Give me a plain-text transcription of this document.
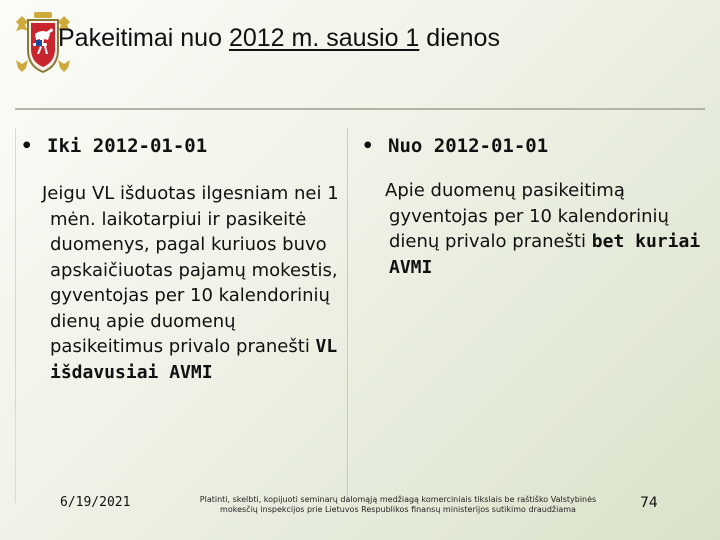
Pakeitimai nuo 2012 m. sausio 1 dienos
• Iki 2012-01-01
Jeigu VL išduotas ilgesniam nei 1 mėn. laikotarpiui ir pasikeitė duomenys, pagal kuriuos buvo apskaičiuotas pajamų mokestis, gyventojas per 10 kalendorinių dienų apie duomenų pasikeitimus privalo pranešti VL išdavusiai AVMI
• Nuo 2012-01-01
Apie duomenų pasikeitimą gyventojas per 10 kalendorinių dienų privalo pranešti bet kuriai AVMI
6/19/2021	Platinti, skelbti, kopijuoti seminarų dalomąją medžiagą komerciniais tikslais be raštiško Valstybinės mokesčių inspekcijos prie Lietuvos Respublikos finansų ministerijos sutikimo draudžiama	74
